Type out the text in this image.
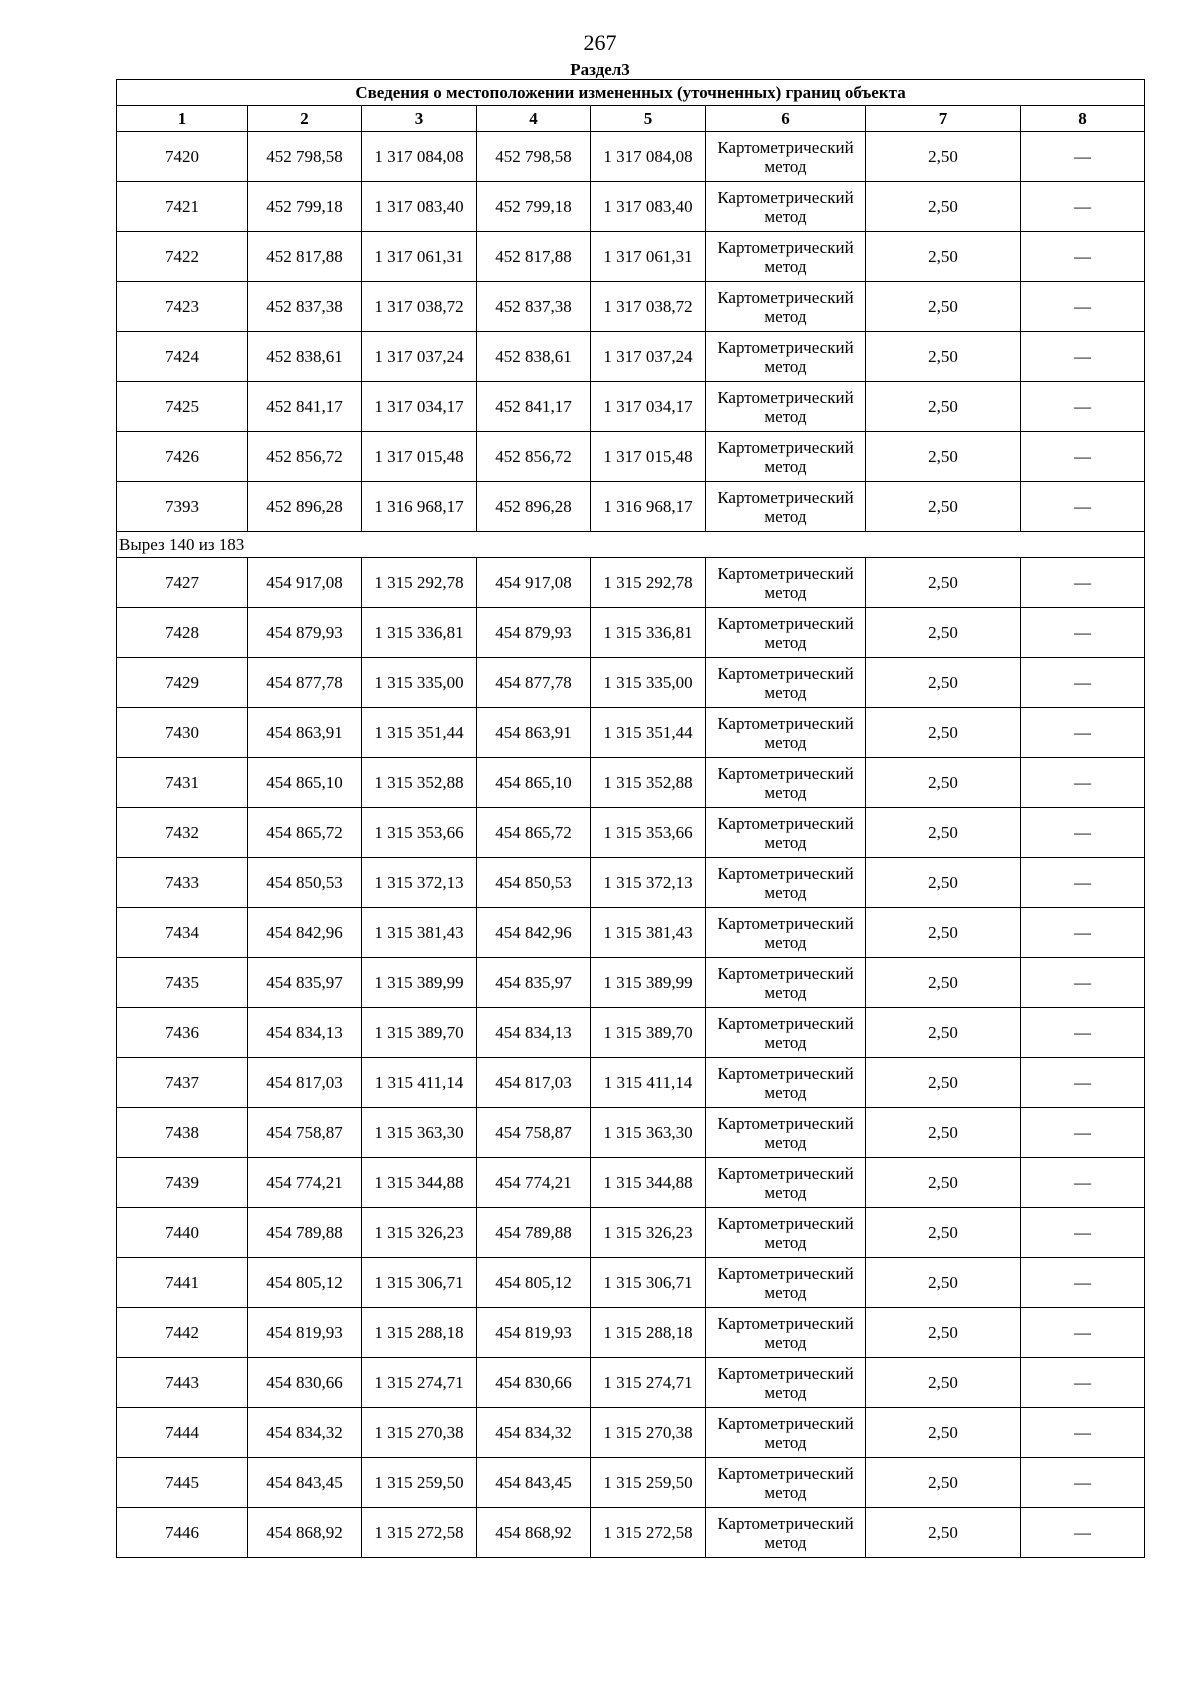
267
Раздел3
Сведения о местоположении измененных (уточненных) границ объекта							
1	2	3	4	5	6	7	8
7420	452 798,58	1 317 084,08	452 798,58	1 317 084,08	Картометрический метод	2,50	—
7421	452 799,18	1 317 083,40	452 799,18	1 317 083,40	Картометрический метод	2,50	—
7422	452 817,88	1 317 061,31	452 817,88	1 317 061,31	Картометрический метод	2,50	—
7423	452 837,38	1 317 038,72	452 837,38	1 317 038,72	Картометрический метод	2,50	—
7424	452 838,61	1 317 037,24	452 838,61	1 317 037,24	Картометрический метод	2,50	—
7425	452 841,17	1 317 034,17	452 841,17	1 317 034,17	Картометрический метод	2,50	—
7426	452 856,72	1 317 015,48	452 856,72	1 317 015,48	Картометрический метод	2,50	—
7393	452 896,28	1 316 968,17	452 896,28	1 316 968,17	Картометрический метод	2,50	—
Вырез 140 из 183							
7427	454 917,08	1 315 292,78	454 917,08	1 315 292,78	Картометрический метод	2,50	—
7428	454 879,93	1 315 336,81	454 879,93	1 315 336,81	Картометрический метод	2,50	—
7429	454 877,78	1 315 335,00	454 877,78	1 315 335,00	Картометрический метод	2,50	—
7430	454 863,91	1 315 351,44	454 863,91	1 315 351,44	Картометрический метод	2,50	—
7431	454 865,10	1 315 352,88	454 865,10	1 315 352,88	Картометрический метод	2,50	—
7432	454 865,72	1 315 353,66	454 865,72	1 315 353,66	Картометрический метод	2,50	—
7433	454 850,53	1 315 372,13	454 850,53	1 315 372,13	Картометрический метод	2,50	—
7434	454 842,96	1 315 381,43	454 842,96	1 315 381,43	Картометрический метод	2,50	—
7435	454 835,97	1 315 389,99	454 835,97	1 315 389,99	Картометрический метод	2,50	—
7436	454 834,13	1 315 389,70	454 834,13	1 315 389,70	Картометрический метод	2,50	—
7437	454 817,03	1 315 411,14	454 817,03	1 315 411,14	Картометрический метод	2,50	—
7438	454 758,87	1 315 363,30	454 758,87	1 315 363,30	Картометрический метод	2,50	—
7439	454 774,21	1 315 344,88	454 774,21	1 315 344,88	Картометрический метод	2,50	—
7440	454 789,88	1 315 326,23	454 789,88	1 315 326,23	Картометрический метод	2,50	—
7441	454 805,12	1 315 306,71	454 805,12	1 315 306,71	Картометрический метод	2,50	—
7442	454 819,93	1 315 288,18	454 819,93	1 315 288,18	Картометрический метод	2,50	—
7443	454 830,66	1 315 274,71	454 830,66	1 315 274,71	Картометрический метод	2,50	—
7444	454 834,32	1 315 270,38	454 834,32	1 315 270,38	Картометрический метод	2,50	—
7445	454 843,45	1 315 259,50	454 843,45	1 315 259,50	Картометрический метод	2,50	—
7446	454 868,92	1 315 272,58	454 868,92	1 315 272,58	Картометрический метод	2,50	—
